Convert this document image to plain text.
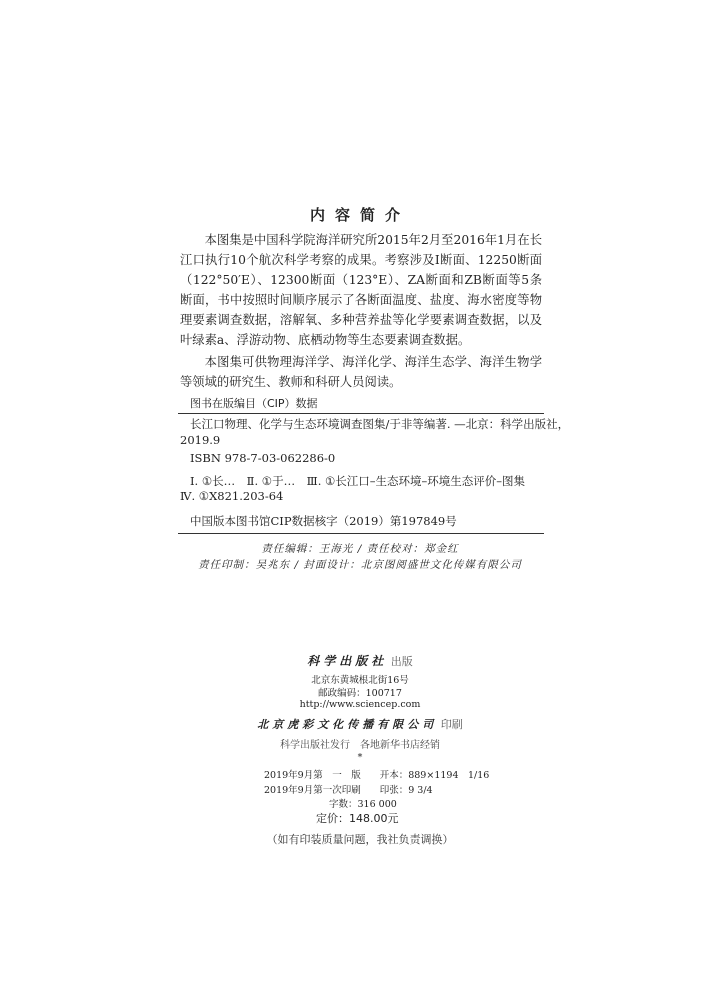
内容简介
本图集是中国科学院海洋研究所2015年2月至2016年1月在长江口执行10个航次科学考察的成果。考察涉及I断面、12250断面（122°50′E）、12300断面（123°E）、ZA断面和ZB断面等5条断面，书中按照时间顺序展示了各断面温度、盐度、海水密度等物理要素调查数据，溶解氧、多种营养盐等化学要素调查数据，以及叶绿素a、浮游动物、底栖动物等生态要素调查数据。
本图集可供物理海洋学、海洋化学、海洋生态学、海洋生物学等领域的研究生、教师和科研人员阅读。
图书在版编目（CIP）数据
长江口物理、化学与生态环境调查图集/于非等编著. —北京：科学出版社，
2019.9
ISBN 978-7-03-062286-0
Ⅰ. ①长…　Ⅱ. ①于…　Ⅲ. ①长江口–生态环境–环境生态评价–图集
Ⅳ. ①X821.203-64
中国版本图书馆CIP数据核字（2019）第197849号
责任编辑：王海光 / 责任校对：郑金红
责任印制：吴兆东 / 封面设计：北京图阅盛世文化传媒有限公司
科学出版社 出版
北京东黄城根北街16号
邮政编码：100717
http://www.sciencep.com
北京虎彩文化传播有限公司 印刷
科学出版社发行　各地新华书店经销
*
2019年9月第　一　版　　开本：889×1194　1/16
2019年9月第一次印刷　　印张：9 3/4
字数：316 000
定价：148.00元
（如有印装质量问题，我社负责调换）
